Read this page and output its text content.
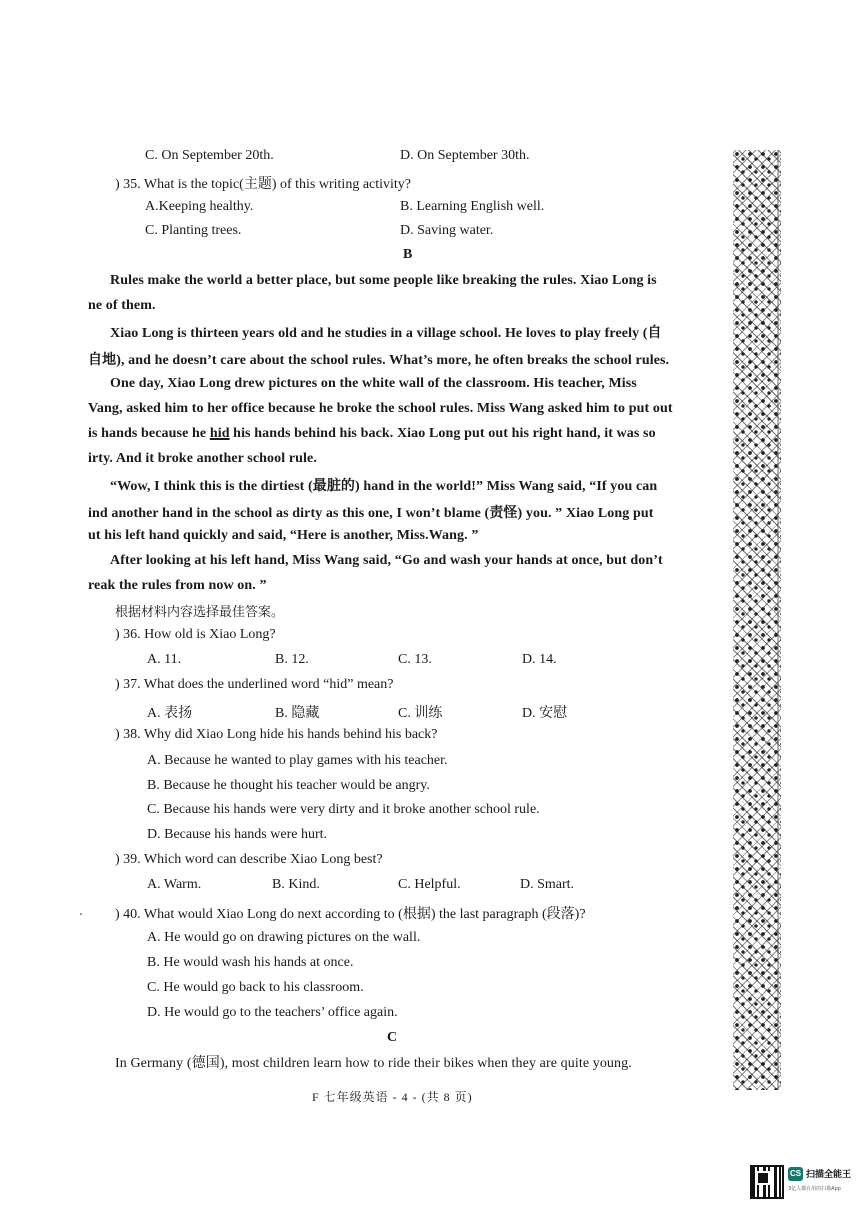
C. On September 20th.	D. On September 30th.
) 35. What is the topic(主题) of this writing activity?
A.Keeping healthy.	B. Learning English well.
C. Planting trees.	D. Saving water.
B
Rules make the world a better place, but some people like breaking the rules. Xiao Long is
ne of them.
Xiao Long is thirteen years old and he studies in a village school. He loves to play freely (自
自地), and he doesn’t care about the school rules. What’s more, he often breaks the school rules.
One day, Xiao Long drew pictures on the white wall of the classroom. His teacher, Miss
Vang, asked him to her office because he broke the school rules. Miss Wang asked him to put out
is hands because he hid his hands behind his back. Xiao Long put out his right hand, it was so
irty. And it broke another school rule.
“Wow, I think this is the dirtiest (最脏的) hand in the world!” Miss Wang said, “If you can
ind another hand in the school as dirty as this one, I won’t blame (责怪) you. ” Xiao Long put
ut his left hand quickly and said, “Here is another, Miss.Wang. ”
After looking at his left hand, Miss Wang said, “Go and wash your hands at once, but don’t
reak the rules from now on. ”
根据材料内容选择最佳答案。
) 36. How old is Xiao Long?
A. 11.	B. 12.	C. 13.	D. 14.
) 37. What does the underlined word “hid” mean?
A. 表扬	B. 隐藏	C. 训练	D. 安慰
) 38. Why did Xiao Long hide his hands behind his back?
A. Because he wanted to play games with his teacher.
B. Because he thought his teacher would be angry.
C. Because his hands were very dirty and it broke another school rule.
D. Because his hands were hurt.
) 39. Which word can describe Xiao Long best?
A. Warm.	B. Kind.	C. Helpful.	D. Smart.
) 40. What would Xiao Long do next according to (根据) the last paragraph (段落)?
A. He would go on drawing pictures on the wall.
B. He would wash his hands at once.
C. He would go back to his classroom.
D. He would go to the teachers’ office again.
C
In Germany (德国), most children learn how to ride their bikes when they are quite young.
F 七年级英语 - 4 - (共 8 页)
CS 扫描全能王
3亿人都在用的扫描App
